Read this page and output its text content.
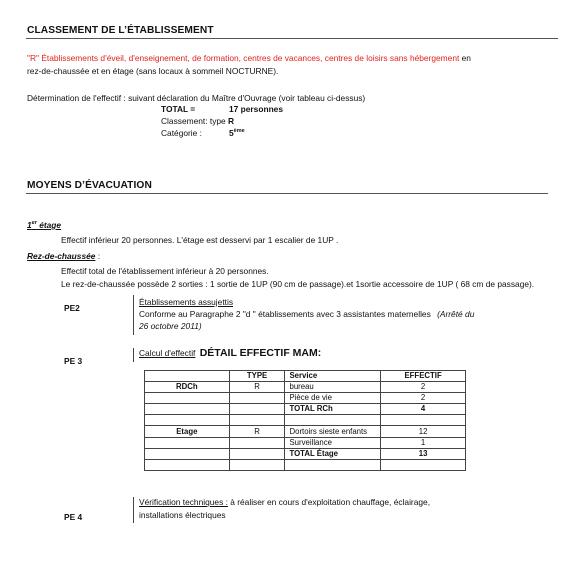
CLASSEMENT DE L’ÉTABLISSEMENT
"R" Établissements d'éveil, d'enseignement, de formation, centres de vacances, centres de loisirs sans hébergement en
rez-de-chaussée et en étage (sans locaux à sommeil NOCTURNE).
Détermination de l'effectif : suivant déclaration du Maître d'Ouvrage (voir tableau ci-dessus)
TOTAL =	17 personnes
Classement: type R
Catégorie :	5ème
MOYENS D’ÉVACUATION
1er étage
Effectif inférieur 20 personnes. L'étage est desservi par 1 escalier de 1UP .
Rez-de-chaussée :
Effectif total de l'établissement inférieur à 20 personnes.
Le rez-de-chaussée possède 2 sorties : 1 sortie de 1UP (90 cm de passage).et 1sortie accessoire de 1UP ( 68 cm de passage).
PE2
Établissements assujettis
Conforme au Paragraphe 2 "d " établissements avec 3 assistantes maternelles (Arrêté du
26 octobre 2011)
PE 3
Calcul d'effectif DÉTAIL EFFECTIF MAM:
	TYPE	Service	EFFECTIF
RDCh	R	bureau	2
		Pièce de vie	2
		TOTAL RCh	4

Etage	R	Dortoirs sieste enfants	12
		Surveillance	1
		TOTAL Étage	13

Vérification techniques : à réaliser en cours d'exploitation chauffage, éclairage,
installations électriques
PE 4
